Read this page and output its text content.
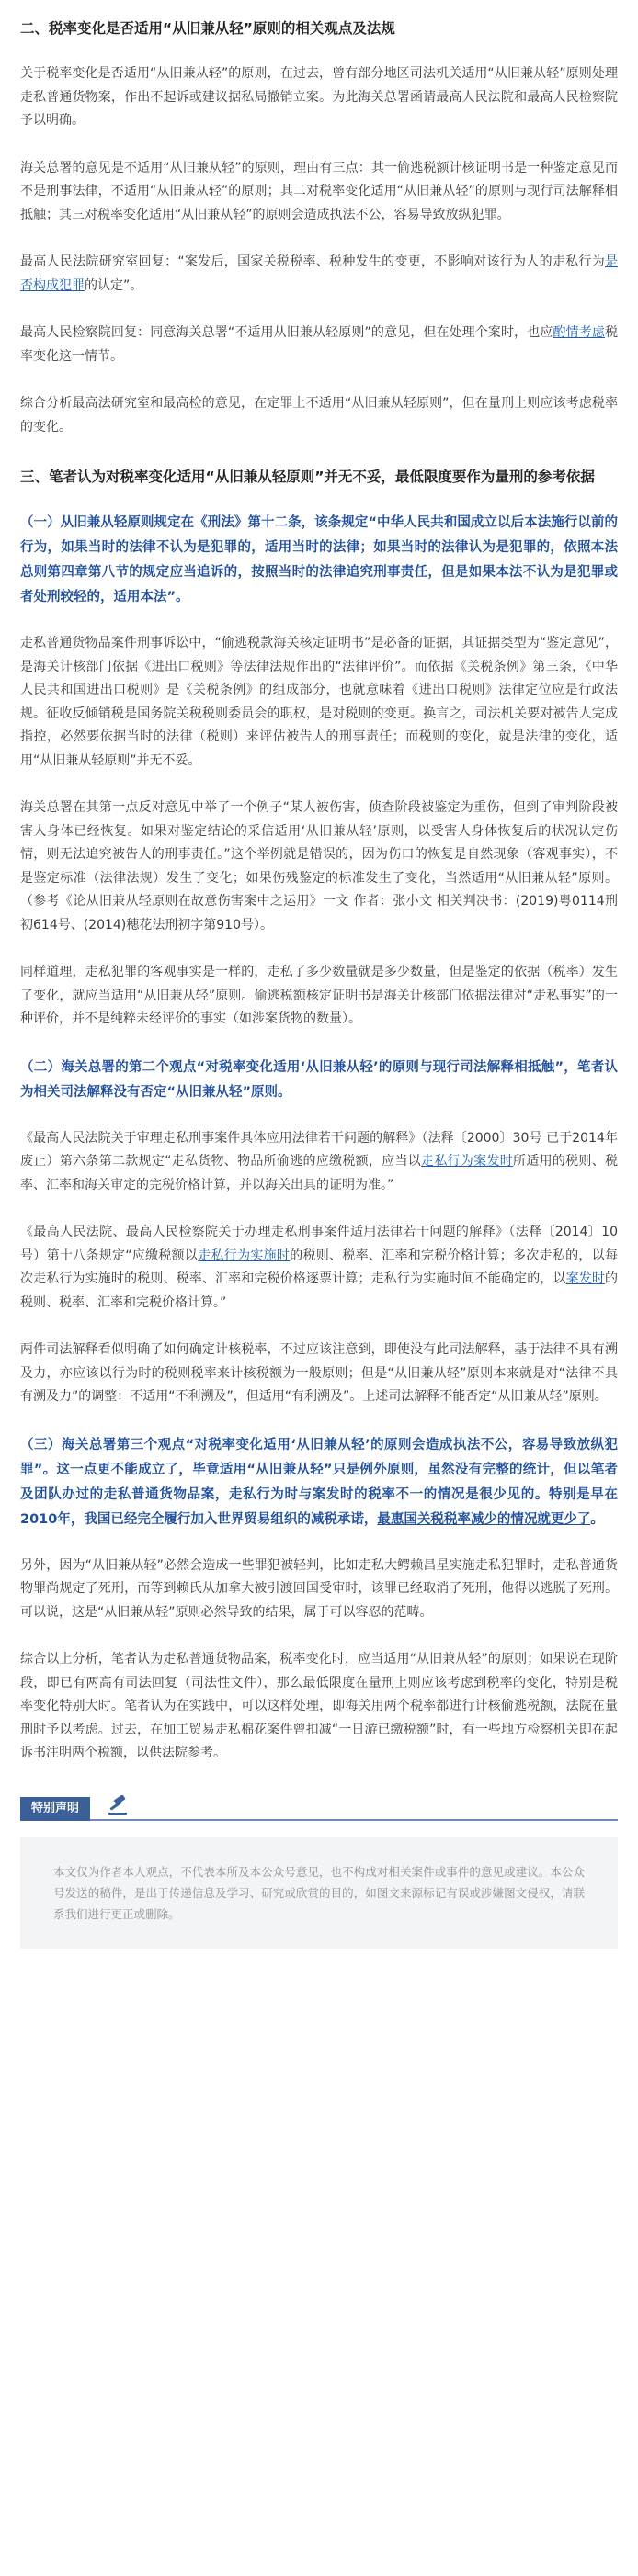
二、税率变化是否适用“从旧兼从轻”原则的相关观点及法规

关于税率变化是否适用“从旧兼从轻”的原则，在过去，曾有部分地区司法机关适用“从旧兼从轻”原则处理走私普通货物案，作出不起诉或建议据私局撤销立案。为此海关总署函请最高人民法院和最高人民检察院予以明确。

海关总署的意见是不适用“从旧兼从轻”的原则，理由有三点：其一偷逃税额计核证明书是一种鉴定意见而不是刑事法律，不适用“从旧兼从轻”的原则；其二对税率变化适用“从旧兼从轻”的原则与现行司法解释相抵触；其三对税率变化适用“从旧兼从轻”的原则会造成执法不公，容易导致放纵犯罪。

最高人民法院研究室回复：“案发后，国家关税税率、税种发生的变更，不影响对该行为人的走私行为是否构成犯罪的认定”。

最高人民检察院回复：同意海关总署“不适用从旧兼从轻原则”的意见，但在处理个案时，也应酌情考虑税率变化这一情节。

综合分析最高法研究室和最高检的意见，在定罪上不适用“从旧兼从轻原则”，但在量刑上则应该考虑税率的变化。

三、笔者认为对税率变化适用“从旧兼从轻原则”并无不妥，最低限度要作为量刑的参考依据

（一）从旧兼从轻原则规定在《刑法》第十二条，该条规定“中华人民共和国成立以后本法施行以前的行为，如果当时的法律不认为是犯罪的，适用当时的法律；如果当时的法律认为是犯罪的，依照本法总则第四章第八节的规定应当追诉的，按照当时的法律追究刑事责任，但是如果本法不认为是犯罪或者处刑较轻的，适用本法”。

走私普通货物品案件刑事诉讼中，“偷逃税款海关核定证明书”是必备的证据，其证据类型为“鉴定意见”，是海关计核部门依据《进出口税则》等法律法规作出的“法律评价”。而依据《关税条例》第三条，《中华人民共和国进出口税则》是《关税条例》的组成部分，也就意味着《进出口税则》法律定位应是行政法规。征收反倾销税是国务院关税税则委员会的职权，是对税则的变更。换言之，司法机关要对被告人完成指控，必然要依据当时的法律（税则）来评估被告人的刑事责任；而税则的变化，就是法律的变化，适用“从旧兼从轻原则”并无不妥。

海关总署在其第一点反对意见中举了一个例子“某人被伤害，侦查阶段被鉴定为重伤，但到了审判阶段被害人身体已经恢复。如果对鉴定结论的采信适用‘从旧兼从轻’原则，以受害人身体恢复后的状况认定伤情，则无法追究被告人的刑事责任。”这个举例就是错误的，因为伤口的恢复是自然现象（客观事实），不是鉴定标准（法律法规）发生了变化；如果伤残鉴定的标准发生了变化，当然适用“从旧兼从轻”原则。（参考《论从旧兼从轻原则在故意伤害案中之运用》一文 作者：张小文 相关判决书：(2019)粤0114刑初614号、(2014)穗花法刑初字第910号）。

同样道理，走私犯罪的客观事实是一样的，走私了多少数量就是多少数量，但是鉴定的依据（税率）发生了变化，就应当适用“从旧兼从轻”原则。偷逃税额核定证明书是海关计核部门依据法律对“走私事实”的一种评价，并不是纯粹未经评价的事实（如涉案货物的数量）。

（二）海关总署的第二个观点“对税率变化适用‘从旧兼从轻’的原则与现行司法解释相抵触”，笔者认为相关司法解释没有否定“从旧兼从轻”原则。

《最高人民法院关于审理走私刑事案件具体应用法律若干问题的解释》（法释〔2000〕30号 已于2014年废止）第六条第二款规定“走私货物、物品所偷逃的应缴税额，应当以走私行为案发时所适用的税则、税率、汇率和海关审定的完税价格计算，并以海关出具的证明为准。”

《最高人民法院、最高人民检察院关于办理走私刑事案件适用法律若干问题的解释》（法释〔2014〕10号）第十八条规定“应缴税额以走私行为实施时的税则、税率、汇率和完税价格计算；多次走私的，以每次走私行为实施时的税则、税率、汇率和完税价格逐票计算；走私行为实施时间不能确定的，以案发时的税则、税率、汇率和完税价格计算。”

两件司法解释看似明确了如何确定计核税率，不过应该注意到，即使没有此司法解释，基于法律不具有溯及力，亦应该以行为时的税则税率来计核税额为一般原则；但是“从旧兼从轻”原则本来就是对“法律不具有溯及力”的调整：不适用“不利溯及”，但适用“有利溯及”。上述司法解释不能否定“从旧兼从轻”原则。

（三）海关总署第三个观点“对税率变化适用‘从旧兼从轻’的原则会造成执法不公，容易导致放纵犯罪”。这一点更不能成立了，毕竟适用“从旧兼从轻”只是例外原则，虽然没有完整的统计，但以笔者及团队办过的走私普通货物品案，走私行为时与案发时的税率不一的情况是很少见的。特别是早在2010年，我国已经完全履行加入世界贸易组织的减税承诺，最惠国关税税率减少的情况就更少了。

另外，因为“从旧兼从轻”必然会造成一些罪犯被轻判，比如走私大鳄赖昌星实施走私犯罪时，走私普通货物罪尚规定了死刑，而等到赖氏从加拿大被引渡回国受审时，该罪已经取消了死刑，他得以逃脱了死刑。可以说，这是“从旧兼从轻”原则必然导致的结果，属于可以容忍的范畴。

综合以上分析，笔者认为走私普通货物品案，税率变化时，应当适用“从旧兼从轻”的原则；如果说在现阶段，即已有两高有司法回复（司法性文件），那么最低限度在量刑上则应该考虑到税率的变化，特别是税率变化特别大时。笔者认为在实践中，可以这样处理，即海关用两个税率都进行计核偷逃税额，法院在量刑时予以考虑。过去，在加工贸易走私棉花案件曾扣减“一日游已缴税额”时，有一些地方检察机关即在起诉书注明两个税额，以供法院参考。

特别声明
本文仅为作者本人观点，不代表本所及本公众号意见，也不构成对相关案件或事件的意见或建议。本公众号发送的稿件，是出于传递信息及学习、研究或欣赏的目的，如图文来源标记有误或涉嫌图文侵权，请联系我们进行更正或删除。
